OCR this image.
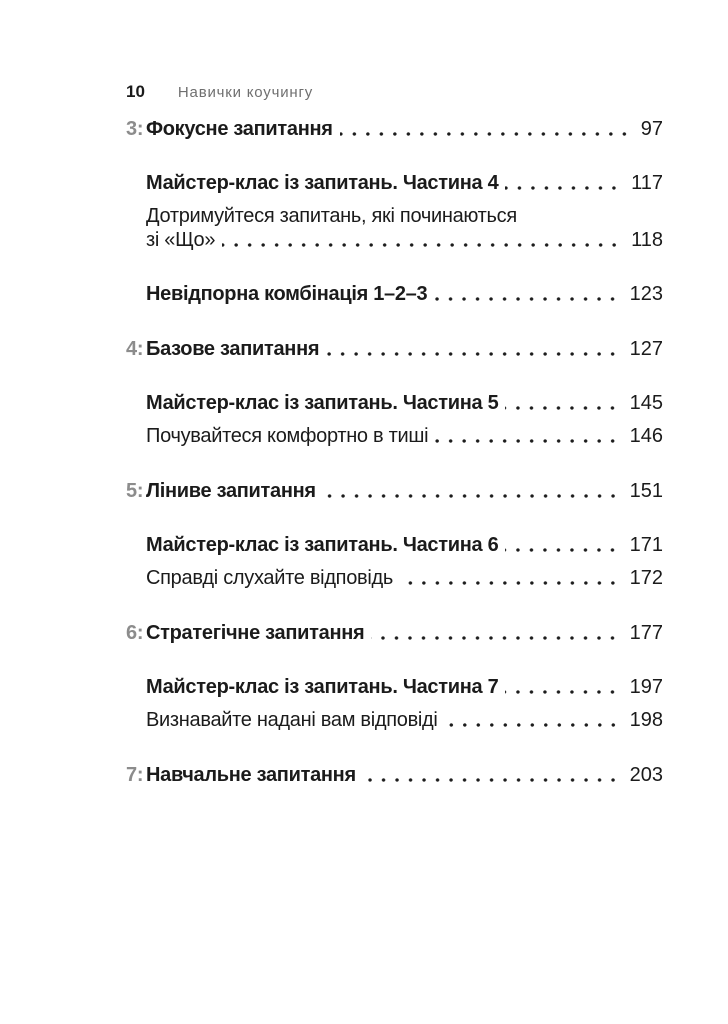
10 Навички коучингу
3: Фокусне запитання	97
Майстер-клас із запитань. Частина 4	117
Дотримуйтеся запитань, які починаються
зі «Що»	118
Невідпорна комбінація 1–2–3	123
4: Базове запитання	127
Майстер-клас із запитань. Частина 5	145
Почувайтеся комфортно в тиші	146
5: Ліниве запитання	151
Майстер-клас із запитань. Частина 6	171
Справді слухайте відповідь	172
6: Стратегічне запитання	177
Майстер-клас із запитань. Частина 7	197
Визнавайте надані вам відповіді	198
7: Навчальне запитання	203
